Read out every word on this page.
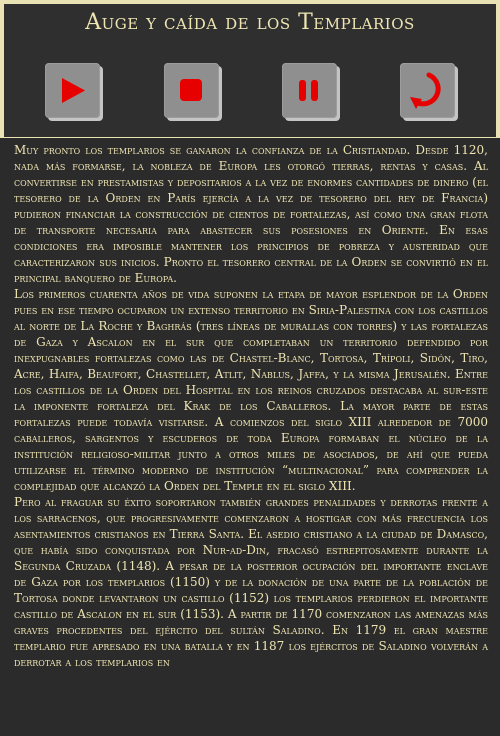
Auge y caída de los Templarios

Muy pronto los templarios se ganaron la confianza de la Cristiandad. Desde 1120, nada más formarse, la nobleza de Europa les otorgó tierras, rentas y casas. Al convertirse en prestamistas y depositarios a la vez de enormes cantidades de dinero (el tesorero de la Orden en París ejercía a la vez de tesorero del rey de Francia) pudieron financiar la construcción de cientos de fortalezas, así como una gran flota de transporte necesaria para abastecer sus posesiones en Oriente. En esas condiciones era imposible mantener los principios de pobreza y austeridad que caracterizaron sus inicios. Pronto el tesorero central de la Orden se convirtió en el principal banquero de Europa.

Los primeros cuarenta años de vida suponen la etapa de mayor esplendor de la Orden pues en ese tiempo ocuparon un extenso territorio en Siria-Palestina con los castillos al norte de La Roche y Baghrás (tres líneas de murallas con torres) y las fortalezas de Gaza y Ascalon en el sur que completaban un territorio defendido por inexpugnables fortalezas como las de Chastel-Blanc, Tortosa, Trípoli, Sidón, Tiro, Acre, Haifa, Beaufort, Chastellet, Atlit, Nablus, Jaffa, y la misma Jerusalén. Entre los castillos de la Orden del Hospital en los reinos cruzados destacaba al sur-este la imponente fortaleza del Krak de los Caballeros. La mayor parte de estas fortalezas puede todavía visitarse. A comienzos del siglo XIII alrededor de 7000 caballeros, sargentos y escuderos de toda Europa formaban el núcleo de la institución religioso-militar junto a otros miles de asociados, de ahí que pueda utilizarse el término moderno de institución “multinacional” para comprender la complejidad que alcanzó la Orden del Temple en el siglo XIII.

Pero al fraguar su éxito soportaron también grandes penalidades y derrotas frente a los sarracenos, que progresivamente comenzaron a hostigar con más frecuencia los asentamientos cristianos en Tierra Santa. El asedio cristiano a la ciudad de Damasco, que había sido conquistada por Nur-ad-Din, fracasó estrepitosamente durante la Segunda Cruzada (1148). A pesar de la posterior ocupación del importante enclave de Gaza por los templarios (1150) y de la donación de una parte de la población de Tortosa donde levantaron un castillo (1152) los templarios perdieron el importante castillo de Ascalon en el sur (1153). A partir de 1170 comenzaron las amenazas más graves procedentes del ejército del sultán Saladino. En 1179 el gran maestre templario fue apresado en una batalla y en 1187 los ejércitos de Saladino volverán a derrotar a los templarios en
